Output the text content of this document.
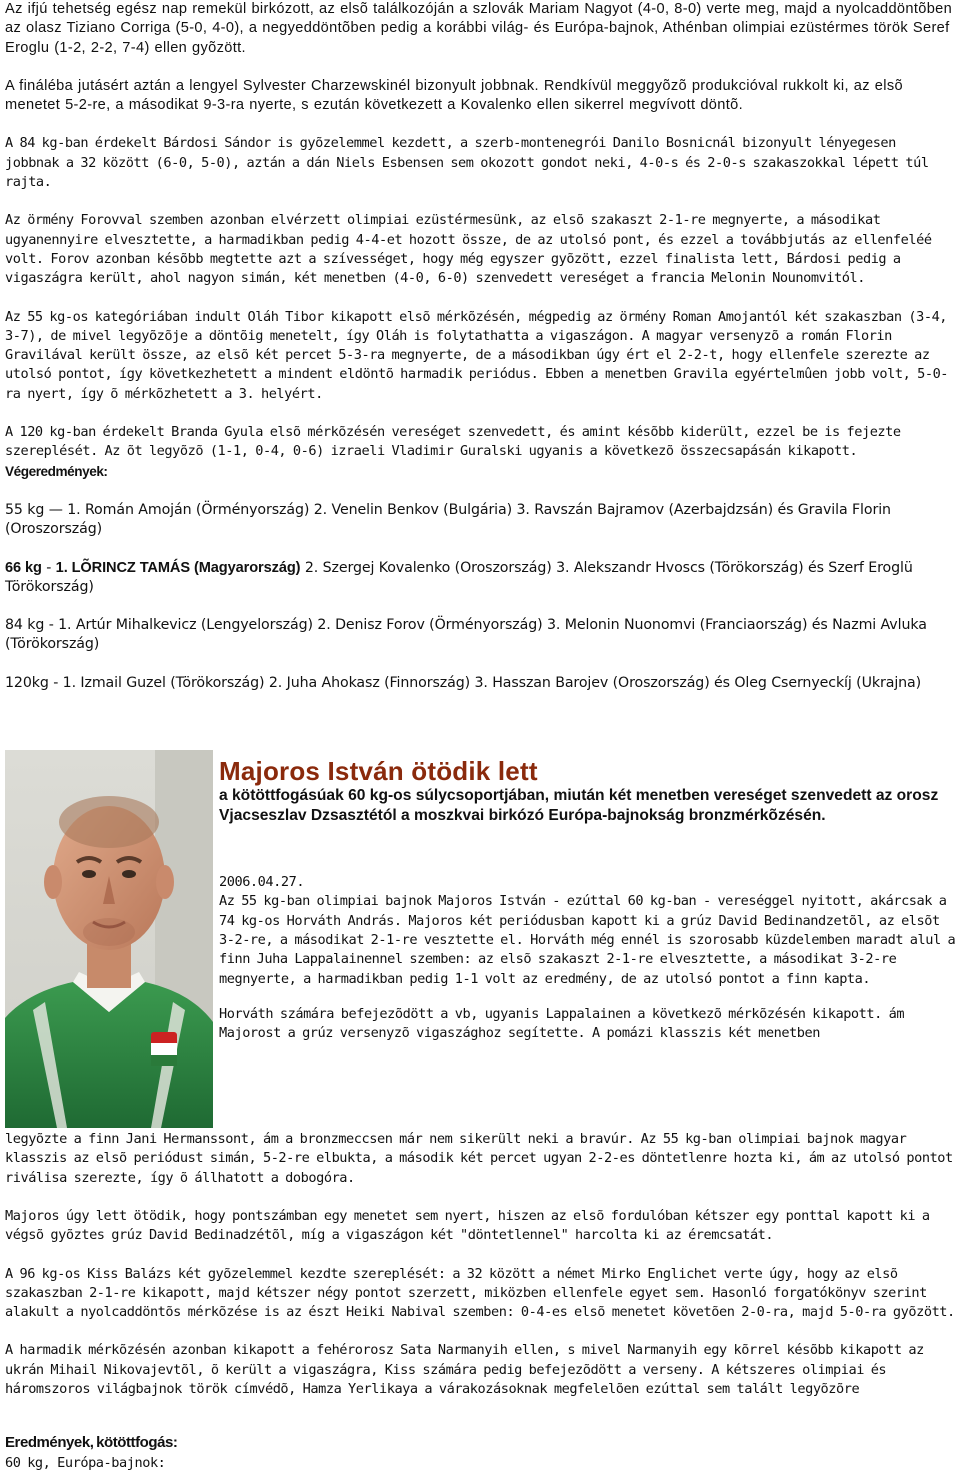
Az ifjú tehetség egész nap remekül birkózott, az elsõ találkozóján a szlovák Mariam Nagyot (4-0, 8-0) verte meg, majd a nyolcaddöntõben az olasz Tiziano Corriga (5-0, 4-0), a negyeddöntõben pedig a korábbi világ- és Európa-bajnok, Athénban olimpiai ezüstérmes török Seref Eroglu (1-2, 2-2, 7-4) ellen gyõzött.

A fináléba jutásért aztán a lengyel Sylvester Charzewskinél bizonyult jobbnak. Rendkívül meggyõzõ produkcióval rukkolt ki, az elsõ menetet 5-2-re, a másodikat 9-3-ra nyerte, s ezután következett a Kovalenko ellen sikerrel megvívott döntõ.

A 84 kg-ban érdekelt Bárdosi Sándor is gyõzelemmel kezdett, a szerb-montenegrói Danilo Bosnicnál bizonyult lényegesen jobbnak a 32 között (6-0, 5-0), aztán a dán Niels Esbensen sem okozott gondot neki, 4-0-s és 2-0-s szakaszokkal lépett túl rajta.

Az örmény Forovval szemben azonban elvérzett olimpiai ezüstérmesünk, az elsõ szakaszt 2-1-re megnyerte, a másodikat ugyanennyire elvesztette, a harmadikban pedig 4-4-et hozott össze, de az utolsó pont, és ezzel a továbbjutás az ellenfeléé volt. Forov azonban késõbb megtette azt a szívességet, hogy még egyszer gyõzött, ezzel finalista lett, Bárdosi pedig a vigaszágra került, ahol nagyon simán, két menetben (4-0, 6-0) szenvedett vereséget a francia Melonin Nounomvitól.

Az 55 kg-os kategóriában indult Oláh Tibor kikapott elsõ mérkõzésén, mégpedig az örmény Roman Amojantól két szakaszban (3-4, 3-7), de mivel legyõzõje a döntõig menetelt, így Oláh is folytathatta a vigaszágon. A magyar versenyzõ a román Florin Gravilával került össze, az elsõ két percet 5-3-ra megnyerte, de a másodikban úgy ért el 2-2-t, hogy ellenfele szerezte az utolsó pontot, így következhetett a mindent eldöntõ harmadik periódus. Ebben a menetben Gravila egyértelmûen jobb volt, 5-0-ra nyert, így õ mérkõzhetett a 3. helyért.

A 120 kg-ban érdekelt Branda Gyula elsõ mérkõzésén vereséget szenvedett, és amint késõbb kiderült, ezzel be is fejezte szereplését. Az õt legyõzõ (1-1, 0-4, 0-6) izraeli Vladimir Guralski ugyanis a következõ összecsapásán kikapott.
Végeredmények:

55 kg — 1. Román Amoján (Örményország) 2. Venelin Benkov (Bulgária) 3. Ravszán Bajramov (Azerbajdzsán) és Gravila Florin (Oroszország)

66 kg - 1. LÕRINCZ TAMÁS (Magyarország) 2. Szergej Kovalenko (Oroszország) 3. Alekszandr Hvoscs (Törökország) és Szerf Eroglü Törökország)

84 kg - 1. Artúr Mihalkevicz (Lengyelország) 2. Denisz Forov (Örményország) 3. Melonin Nuonomvi (Franciaország) és Nazmi Avluka (Törökország)

120kg - 1. Izmail Guzel (Törökország) 2. Juha Ahokasz (Finnország) 3. Hasszan Barojev (Oroszország) és Oleg Csernyeckíj (Ukrajna)

Majoros István ötödik lett

a kötöttfogásúak 60 kg-os súlycsoportjában, miután két menetben vereséget szenvedett az orosz Vjacseszlav Dzsasztétól a moszkvai birkózó Európa-bajnokság bronzmérkõzésén.

2006.04.27.

Az 55 kg-ban olimpiai bajnok Majoros István - ezúttal 60 kg-ban - vereséggel nyitott, akárcsak a 74 kg-os Horváth András. Majoros két periódusban kapott ki a grúz David Bedinandzetõl, az elsõt 3-2-re, a másodikat 2-1-re vesztette el. Horváth még ennél is szorosabb küzdelemben maradt alul a finn Juha Lappalainennel szemben: az elsõ szakaszt 2-1-re elvesztette, a másodikat 3-2-re megnyerte, a harmadikban pedig 1-1 volt az eredmény, de az utolsó pontot a finn kapta.

Horváth számára befejezõdött a vb, ugyanis Lappalainen a következõ mérkõzésén kikapott. ám Majorost a grúz versenyzõ vigaszághoz segítette. A pomázi klasszis két menetben

legyõzte a finn Jani Hermanssont, ám a bronzmeccsen már nem sikerült neki a bravúr. Az 55 kg-ban olimpiai bajnok magyar klasszis az elsõ periódust simán, 5-2-re elbukta, a második két percet ugyan 2-2-es döntetlenre hozta ki, ám az utolsó pontot riválisa szerezte, így õ állhatott a dobogóra.

Majoros úgy lett ötödik, hogy pontszámban egy menetet sem nyert, hiszen az elsõ fordulóban kétszer egy ponttal kapott ki a végsõ gyõztes grúz David Bedinadzétõl, míg a vigaszágon két "döntetlennel" harcolta ki az éremcsatát.

A 96 kg-os Kiss Balázs két gyõzelemmel kezdte szereplését: a 32 között a német Mirko Englichet verte úgy, hogy az elsõ szakaszban 2-1-re kikapott, majd kétszer négy pontot szerzett, miközben ellenfele egyet sem. Hasonló forgatókönyv szerint alakult a nyolcaddöntõs mérkõzése is az észt Heiki Nabival szemben: 0-4-es elsõ menetet követõen 2-0-ra, majd 5-0-ra gyõzött.

A harmadik mérkõzésén azonban kikapott a fehérorosz Sata Narmanyih ellen, s mivel Narmanyih egy kõrrel késõbb kikapott az ukrán Mihail Nikovajevtõl, õ került a vigaszágra, Kiss számára pedig befejezõdött a verseny. A kétszeres olimpiai és háromszoros világbajnok török címvédõ, Hamza Yerlikaya a várakozásoknak megfelelõen ezúttal sem talált legyõzõre

Eredmények, kötöttfogás:
60 kg, Európa-bajnok:
